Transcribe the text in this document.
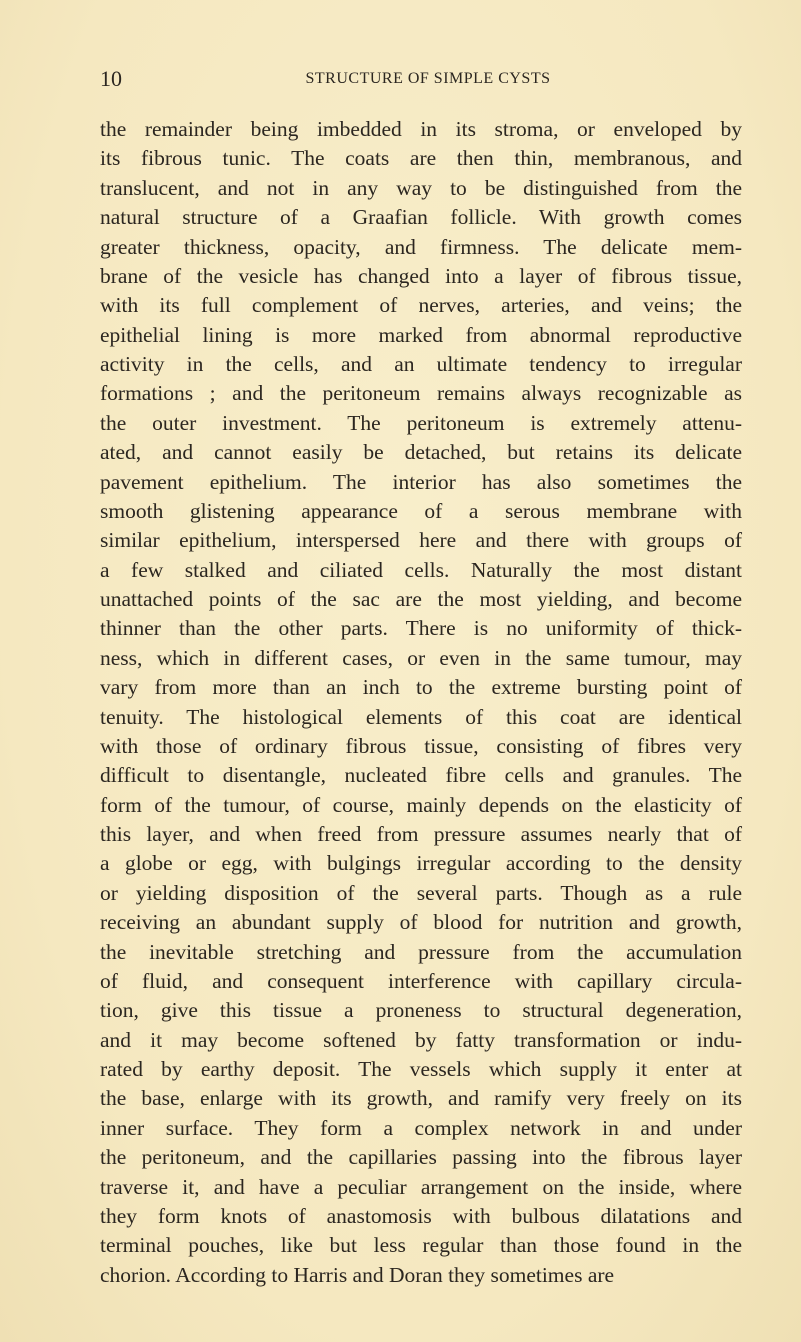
10	STRUCTURE OF SIMPLE CYSTS
the remainder being imbedded in its stroma, or enveloped by
its fibrous tunic. The coats are then thin, membranous, and
translucent, and not in any way to be distinguished from the
natural structure of a Graafian follicle. With growth comes
greater thickness, opacity, and firmness. The delicate mem-
brane of the vesicle has changed into a layer of fibrous tissue,
with its full complement of nerves, arteries, and veins; the
epithelial lining is more marked from abnormal reproductive
activity in the cells, and an ultimate tendency to irregular
formations ; and the peritoneum remains always recognizable as
the outer investment. The peritoneum is extremely attenu-
ated, and cannot easily be detached, but retains its delicate
pavement epithelium. The interior has also sometimes the
smooth glistening appearance of a serous membrane with
similar epithelium, interspersed here and there with groups of
a few stalked and ciliated cells. Naturally the most distant
unattached points of the sac are the most yielding, and become
thinner than the other parts. There is no uniformity of thick-
ness, which in different cases, or even in the same tumour, may
vary from more than an inch to the extreme bursting point of
tenuity. The histological elements of this coat are identical
with those of ordinary fibrous tissue, consisting of fibres very
difficult to disentangle, nucleated fibre cells and granules. The
form of the tumour, of course, mainly depends on the elasticity of
this layer, and when freed from pressure assumes nearly that of
a globe or egg, with bulgings irregular according to the density
or yielding disposition of the several parts. Though as a rule
receiving an abundant supply of blood for nutrition and growth,
the inevitable stretching and pressure from the accumulation
of fluid, and consequent interference with capillary circula-
tion, give this tissue a proneness to structural degeneration,
and it may become softened by fatty transformation or indu-
rated by earthy deposit. The vessels which supply it enter at
the base, enlarge with its growth, and ramify very freely on its
inner surface. They form a complex network in and under
the peritoneum, and the capillaries passing into the fibrous layer
traverse it, and have a peculiar arrangement on the inside, where
they form knots of anastomosis with bulbous dilatations and
terminal pouches, like but less regular than those found in the
chorion. According to Harris and Doran they sometimes are
